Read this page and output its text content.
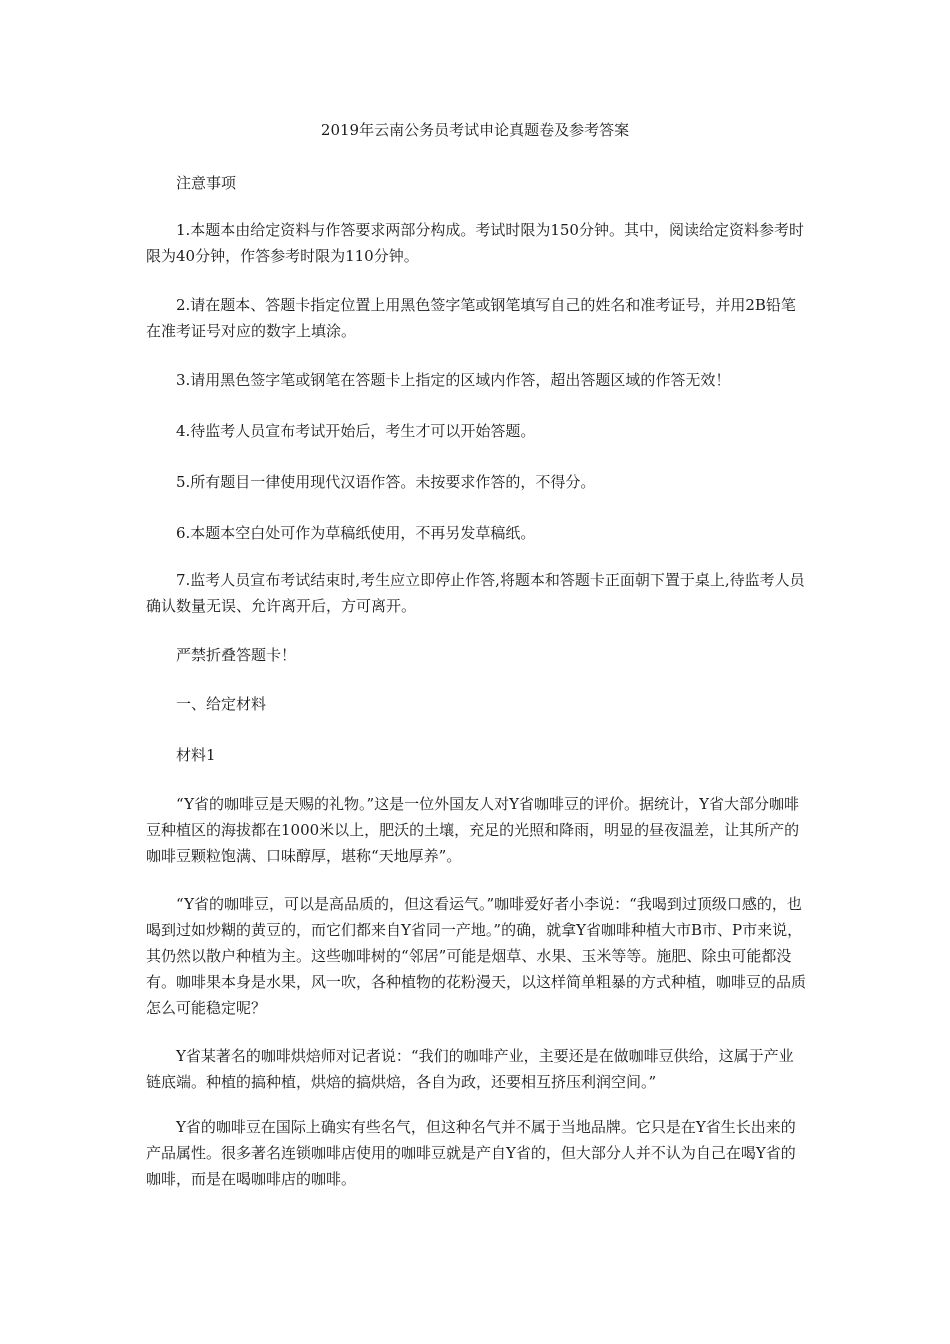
2019年云南公务员考试申论真题卷及参考答案

注意事项

1.本题本由给定资料与作答要求两部分构成。考试时限为150分钟。其中，阅读给定资料参考时限为40分钟，作答参考时限为110分钟。

2.请在题本、答题卡指定位置上用黑色签字笔或钢笔填写自己的姓名和准考证号，并用2B铅笔在准考证号对应的数字上填涂。

3.请用黑色签字笔或钢笔在答题卡上指定的区域内作答，超出答题区域的作答无效！

4.待监考人员宣布考试开始后，考生才可以开始答题。

5.所有题目一律使用现代汉语作答。未按要求作答的，不得分。

6.本题本空白处可作为草稿纸使用，不再另发草稿纸。

7.监考人员宣布考试结束时,考生应立即停止作答,将题本和答题卡正面朝下置于桌上,待监考人员确认数量无误、允许离开后，方可离开。

严禁折叠答题卡！

一、给定材料

材料1

“Y省的咖啡豆是天赐的礼物。”这是一位外国友人对Y省咖啡豆的评价。据统计，Y省大部分咖啡豆种植区的海拔都在1000米以上，肥沃的土壤，充足的光照和降雨，明显的昼夜温差，让其所产的咖啡豆颗粒饱满、口味醇厚，堪称“天地厚养”。

“Y省的咖啡豆，可以是高品质的，但这看运气。”咖啡爱好者小李说：“我喝到过顶级口感的，也喝到过如炒糊的黄豆的，而它们都来自Y省同一产地。”的确，就拿Y省咖啡种植大市B市、P市来说，其仍然以散户种植为主。这些咖啡树的“邻居”可能是烟草、水果、玉米等等。施肥、除虫可能都没有。咖啡果本身是水果，风一吹，各种植物的花粉漫天，以这样简单粗暴的方式种植，咖啡豆的品质怎么可能稳定呢？

Y省某著名的咖啡烘焙师对记者说：“我们的咖啡产业，主要还是在做咖啡豆供给，这属于产业链底端。种植的搞种植，烘焙的搞烘焙，各自为政，还要相互挤压利润空间。”

Y省的咖啡豆在国际上确实有些名气，但这种名气并不属于当地品牌。它只是在Y省生长出来的产品属性。很多著名连锁咖啡店使用的咖啡豆就是产自Y省的，但大部分人并不认为自己在喝Y省的咖啡，而是在喝咖啡店的咖啡。
